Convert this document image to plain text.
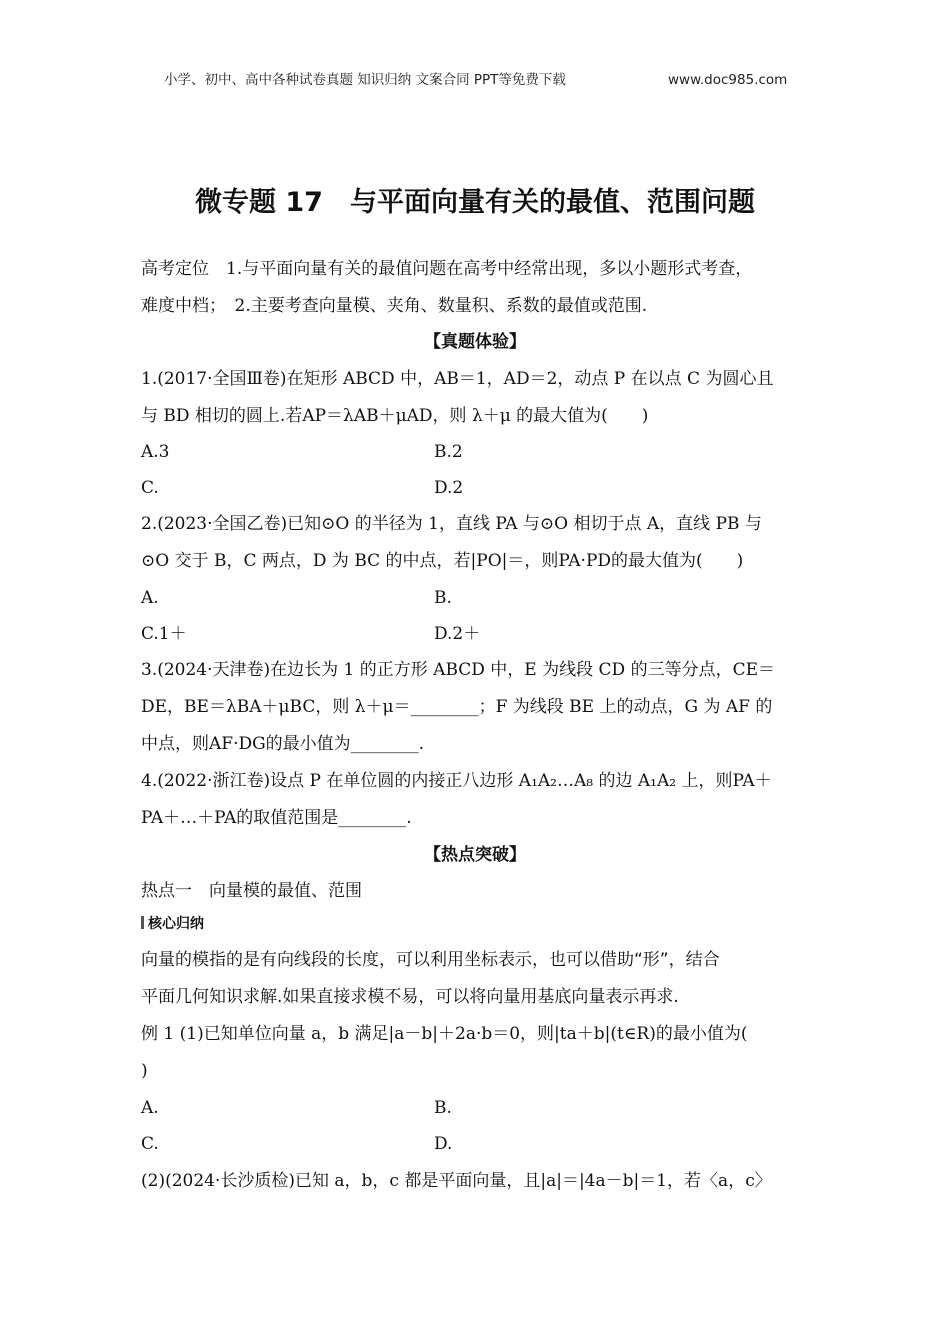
小学、初中、高中各种试卷真题 知识归纳 文案合同 PPT等免费下载	www.doc985.com
微专题 17　与平面向量有关的最值、范围问题
高考定位　1.与平面向量有关的最值问题在高考中经常出现，多以小题形式考查，
难度中档；　2.主要考查向量模、夹角、数量积、系数的最值或范围.
【真题体验】
1.(2017·全国Ⅲ卷)在矩形 ABCD 中，AB＝1，AD＝2，动点 P 在以点 C 为圆心且
与 BD 相切的圆上.若AP＝λAB＋μAD，则 λ＋μ 的最大值为(　　)
A.3	B.2
C.	D.2
2.(2023·全国乙卷)已知⊙O 的半径为 1，直线 PA 与⊙O 相切于点 A，直线 PB 与
⊙O 交于 B，C 两点，D 为 BC 的中点，若|PO|＝，则PA·PD的最大值为(　　)
A.	B.
C.1＋	D.2＋
3.(2024·天津卷)在边长为 1 的正方形 ABCD 中，E 为线段 CD 的三等分点，CE＝
DE，BE＝λBA＋μBC，则 λ＋μ＝________；F 为线段 BE 上的动点，G 为 AF 的
中点，则AF·DG的最小值为________.
4.(2022·浙江卷)设点 P 在单位圆的内接正八边形 A₁A₂…A₈ 的边 A₁A₂ 上，则PA＋
PA＋…＋PA的取值范围是________.
【热点突破】
热点一　向量模的最值、范围
核心归纳
向量的模指的是有向线段的长度，可以利用坐标表示，也可以借助“形”，结合
平面几何知识求解.如果直接求模不易，可以将向量用基底向量表示再求.
例 1 (1)已知单位向量 a，b 满足|a－b|＋2a·b＝0，则|ta＋b|(t∈R)的最小值为(
)
A.	B.
C.	D.
(2)(2024·长沙质检)已知 a，b，c 都是平面向量，且|a|＝|4a－b|＝1，若〈a，c〉
